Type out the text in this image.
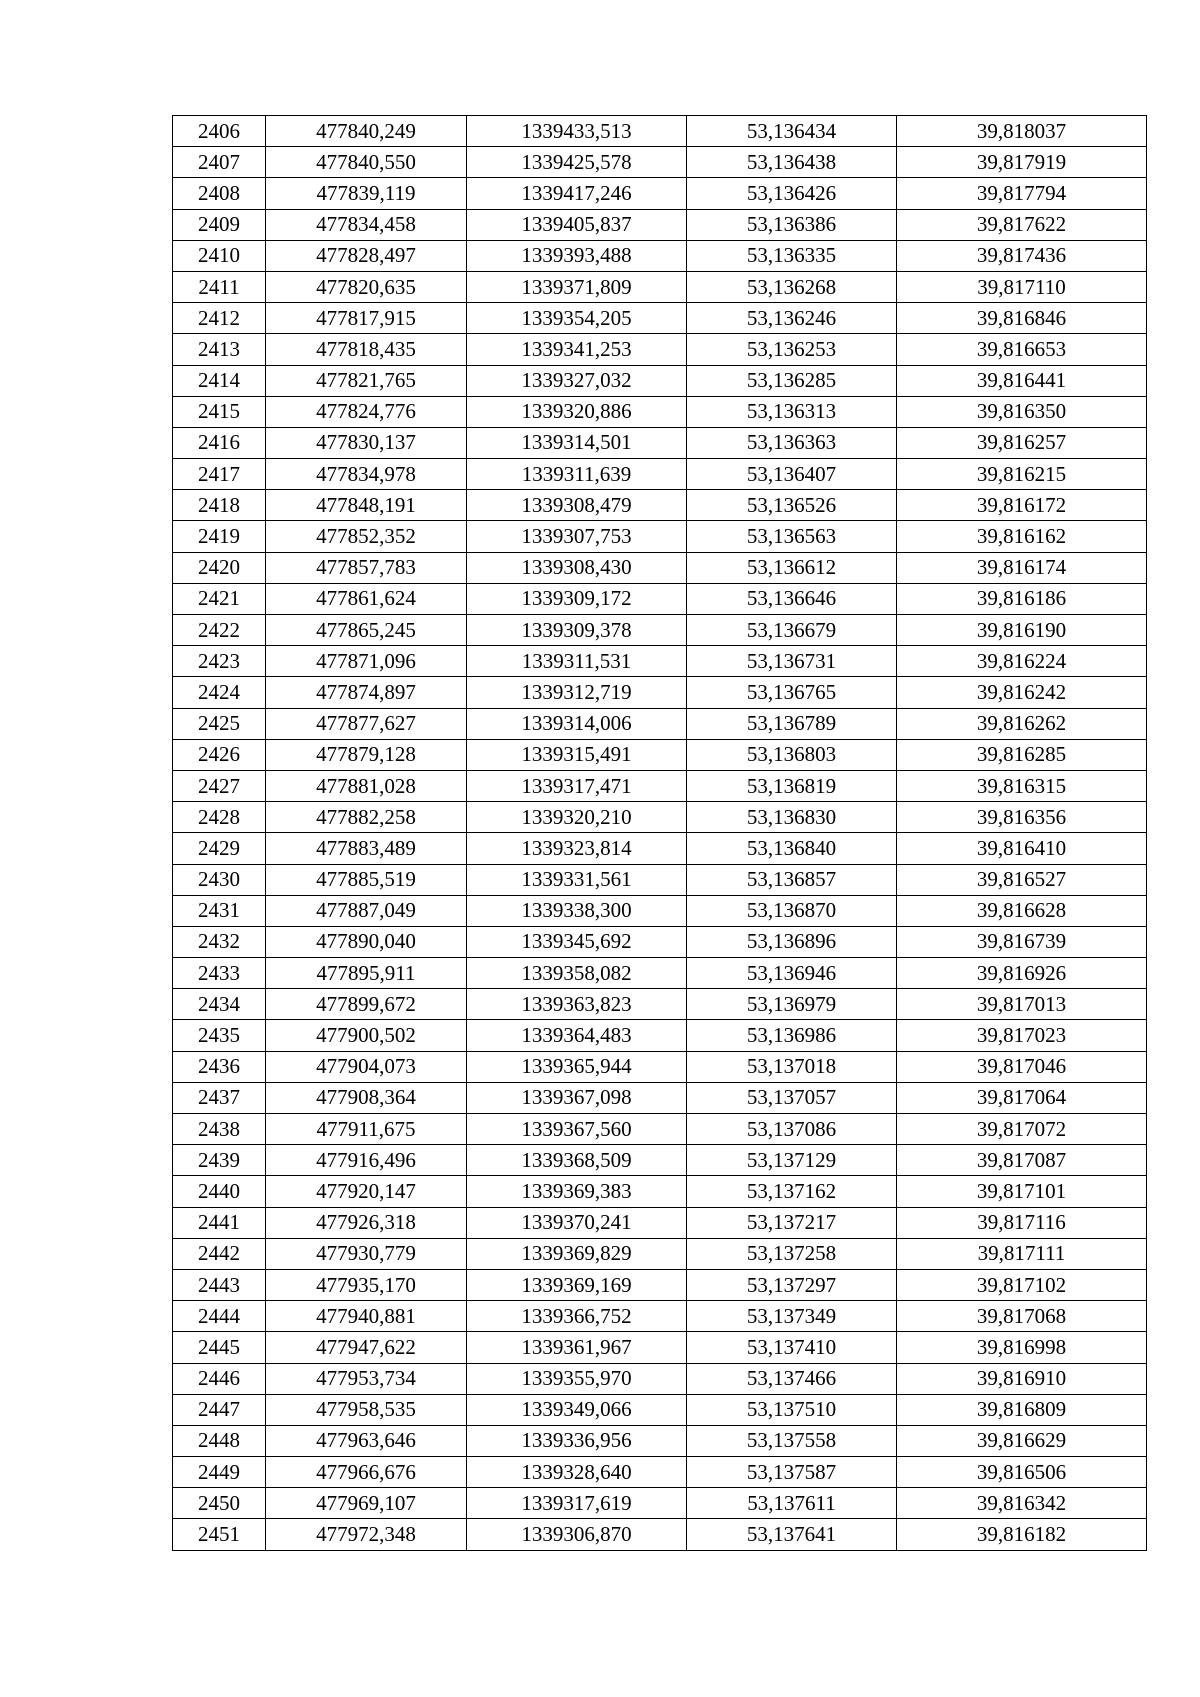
2406	477840,249	1339433,513	53,136434	39,818037
2407	477840,550	1339425,578	53,136438	39,817919
2408	477839,119	1339417,246	53,136426	39,817794
2409	477834,458	1339405,837	53,136386	39,817622
2410	477828,497	1339393,488	53,136335	39,817436
2411	477820,635	1339371,809	53,136268	39,817110
2412	477817,915	1339354,205	53,136246	39,816846
2413	477818,435	1339341,253	53,136253	39,816653
2414	477821,765	1339327,032	53,136285	39,816441
2415	477824,776	1339320,886	53,136313	39,816350
2416	477830,137	1339314,501	53,136363	39,816257
2417	477834,978	1339311,639	53,136407	39,816215
2418	477848,191	1339308,479	53,136526	39,816172
2419	477852,352	1339307,753	53,136563	39,816162
2420	477857,783	1339308,430	53,136612	39,816174
2421	477861,624	1339309,172	53,136646	39,816186
2422	477865,245	1339309,378	53,136679	39,816190
2423	477871,096	1339311,531	53,136731	39,816224
2424	477874,897	1339312,719	53,136765	39,816242
2425	477877,627	1339314,006	53,136789	39,816262
2426	477879,128	1339315,491	53,136803	39,816285
2427	477881,028	1339317,471	53,136819	39,816315
2428	477882,258	1339320,210	53,136830	39,816356
2429	477883,489	1339323,814	53,136840	39,816410
2430	477885,519	1339331,561	53,136857	39,816527
2431	477887,049	1339338,300	53,136870	39,816628
2432	477890,040	1339345,692	53,136896	39,816739
2433	477895,911	1339358,082	53,136946	39,816926
2434	477899,672	1339363,823	53,136979	39,817013
2435	477900,502	1339364,483	53,136986	39,817023
2436	477904,073	1339365,944	53,137018	39,817046
2437	477908,364	1339367,098	53,137057	39,817064
2438	477911,675	1339367,560	53,137086	39,817072
2439	477916,496	1339368,509	53,137129	39,817087
2440	477920,147	1339369,383	53,137162	39,817101
2441	477926,318	1339370,241	53,137217	39,817116
2442	477930,779	1339369,829	53,137258	39,817111
2443	477935,170	1339369,169	53,137297	39,817102
2444	477940,881	1339366,752	53,137349	39,817068
2445	477947,622	1339361,967	53,137410	39,816998
2446	477953,734	1339355,970	53,137466	39,816910
2447	477958,535	1339349,066	53,137510	39,816809
2448	477963,646	1339336,956	53,137558	39,816629
2449	477966,676	1339328,640	53,137587	39,816506
2450	477969,107	1339317,619	53,137611	39,816342
2451	477972,348	1339306,870	53,137641	39,816182
